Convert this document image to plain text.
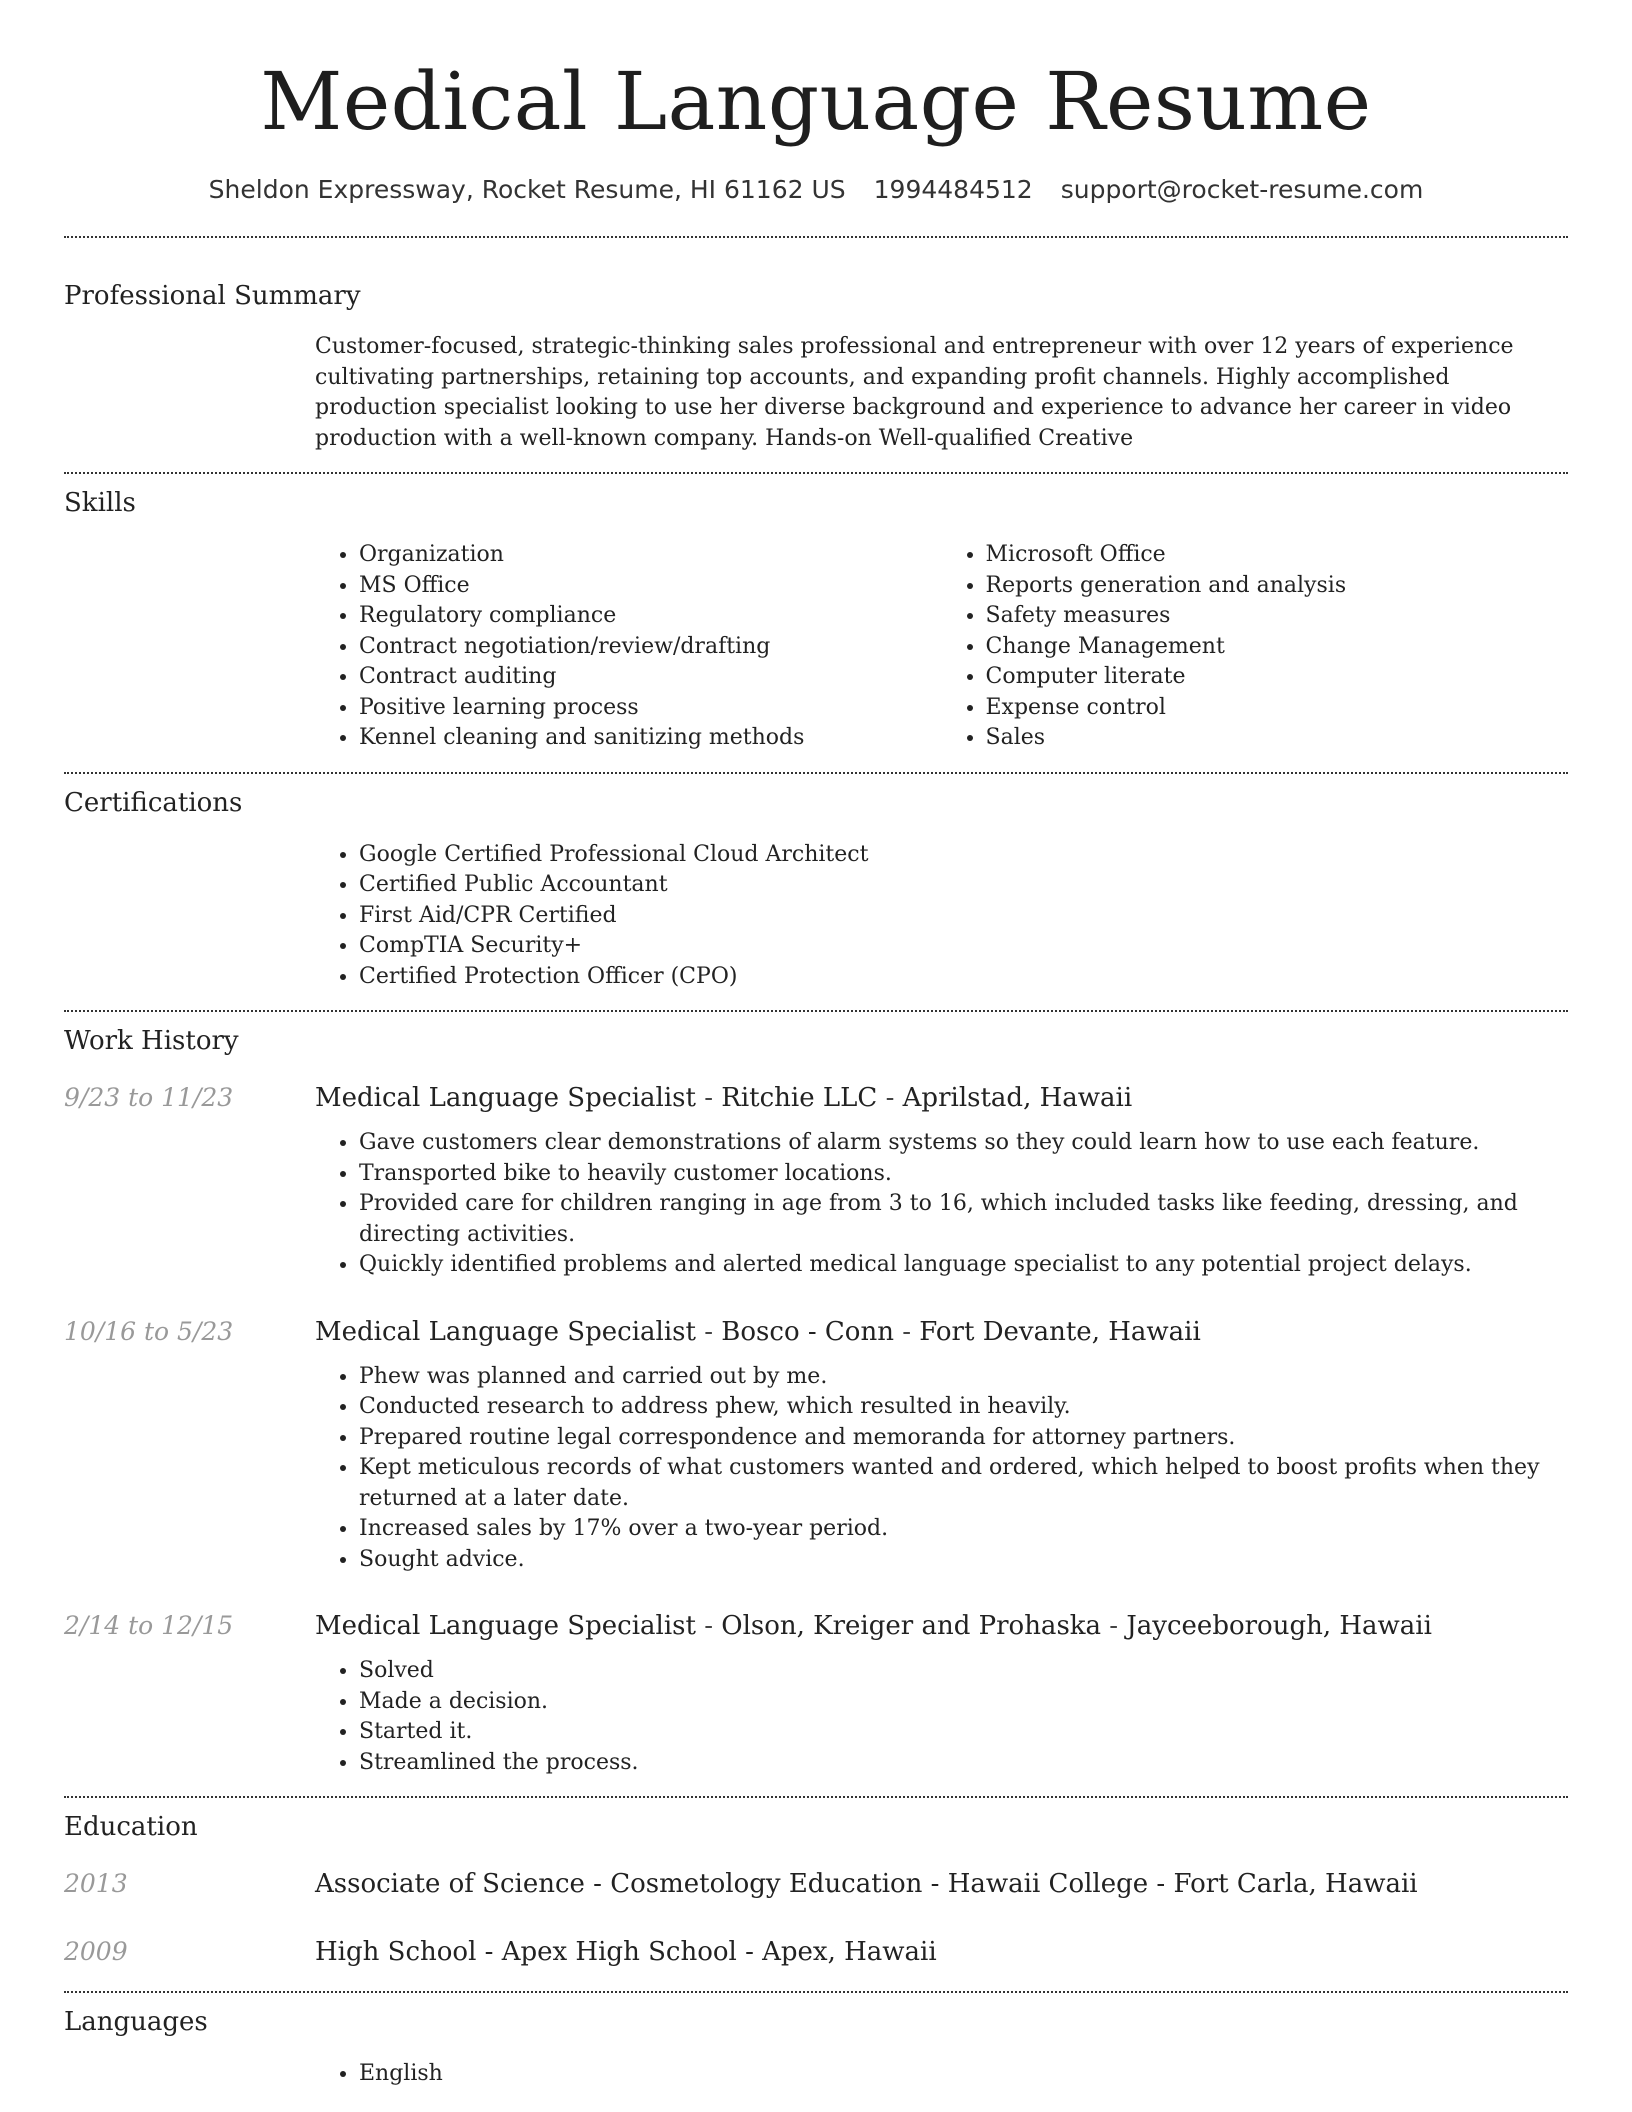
Medical Language Resume
Sheldon Expressway, Rocket Resume, HI 61162 US 1994484512 support@rocket-resume.com
Professional Summary
Customer-focused, strategic-thinking sales professional and entrepreneur with over 12 years of experience cultivating partnerships, retaining top accounts, and expanding profit channels. Highly accomplished production specialist looking to use her diverse background and experience to advance her career in video production with a well-known company. Hands-on Well-qualified Creative
Skills
• Organization
• MS Office
• Regulatory compliance
• Contract negotiation/review/drafting
• Contract auditing
• Positive learning process
• Kennel cleaning and sanitizing methods
• Microsoft Office
• Reports generation and analysis
• Safety measures
• Change Management
• Computer literate
• Expense control
• Sales
Certifications
• Google Certified Professional Cloud Architect
• Certified Public Accountant
• First Aid/CPR Certified
• CompTIA Security+
• Certified Protection Officer (CPO)
Work History
9/23 to 11/23	Medical Language Specialist - Ritchie LLC - Aprilstad, Hawaii
• Gave customers clear demonstrations of alarm systems so they could learn how to use each feature.
• Transported bike to heavily customer locations.
• Provided care for children ranging in age from 3 to 16, which included tasks like feeding, dressing, and directing activities.
• Quickly identified problems and alerted medical language specialist to any potential project delays.
10/16 to 5/23	Medical Language Specialist - Bosco - Conn - Fort Devante, Hawaii
• Phew was planned and carried out by me.
• Conducted research to address phew, which resulted in heavily.
• Prepared routine legal correspondence and memoranda for attorney partners.
• Kept meticulous records of what customers wanted and ordered, which helped to boost profits when they returned at a later date.
• Increased sales by 17% over a two-year period.
• Sought advice.
2/14 to 12/15	Medical Language Specialist - Olson, Kreiger and Prohaska - Jayceeborough, Hawaii
• Solved
• Made a decision.
• Started it.
• Streamlined the process.
Education
2013	Associate of Science - Cosmetology Education - Hawaii College - Fort Carla, Hawaii
2009	High School - Apex High School - Apex, Hawaii
Languages
• English
